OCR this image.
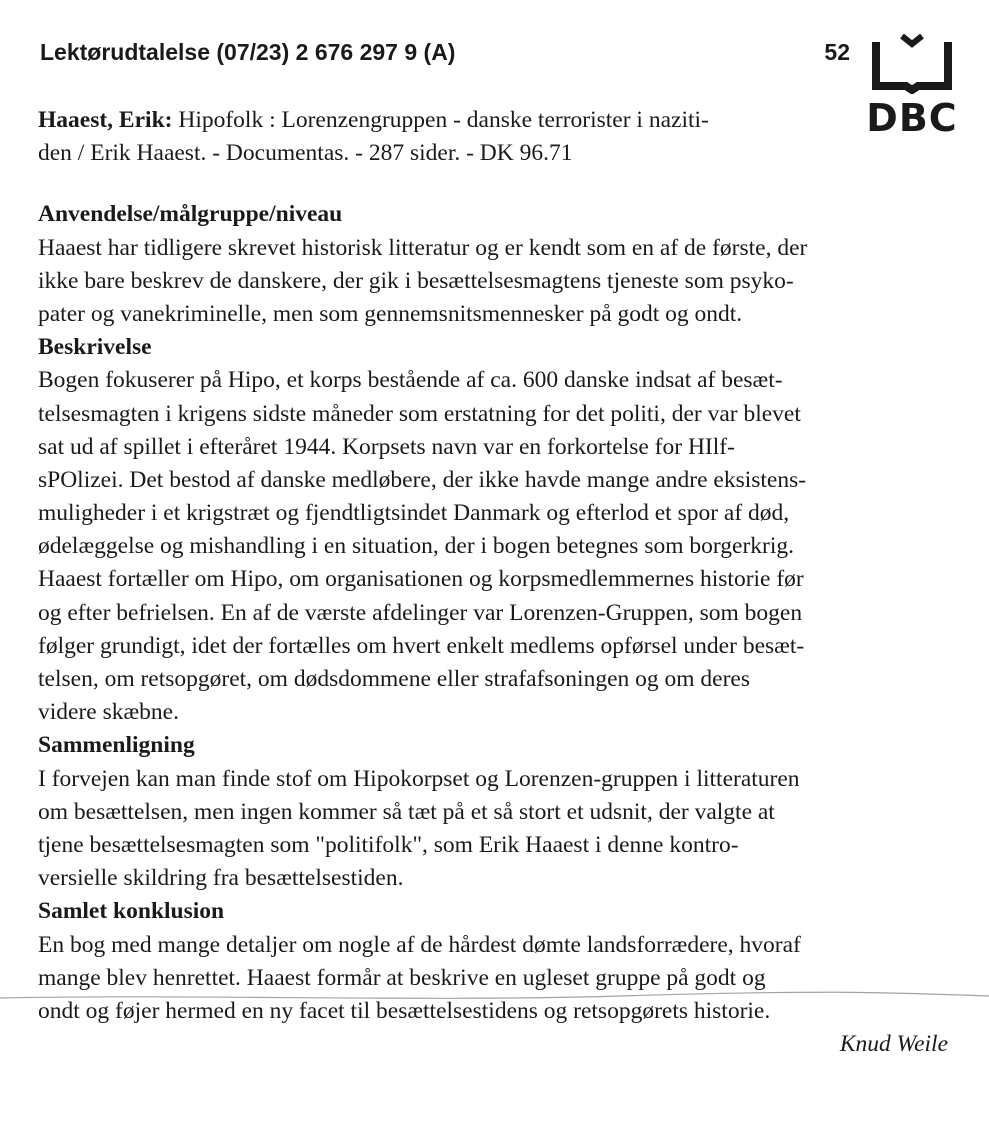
Lektørudtalelse (07/23) 2 676 297 9 (A)	52
DBC
Haaest, Erik: Hipofolk : Lorenzengruppen - danske terrorister i naziti-
den / Erik Haaest. - Documentas. - 287 sider. - DK 96.71
Anvendelse/målgruppe/niveau
Haaest har tidligere skrevet historisk litteratur og er kendt som en af de første, der
ikke bare beskrev de danskere, der gik i besættelsesmagtens tjeneste som psyko-
pater og vanekriminelle, men som gennemsnitsmennesker på godt og ondt.
Beskrivelse
Bogen fokuserer på Hipo, et korps bestående af ca. 600 danske indsat af besæt-
telsesmagten i krigens sidste måneder som erstatning for det politi, der var blevet
sat ud af spillet i efteråret 1944. Korpsets navn var en forkortelse for HIlf-
sPOlizei. Det bestod af danske medløbere, der ikke havde mange andre eksistens-
muligheder i et krigstræt og fjendtligtsindet Danmark og efterlod et spor af død,
ødelæggelse og mishandling i en situation, der i bogen betegnes som borgerkrig.
Haaest fortæller om Hipo, om organisationen og korpsmedlemmernes historie før
og efter befrielsen. En af de værste afdelinger var Lorenzen-Gruppen, som bogen
følger grundigt, idet der fortælles om hvert enkelt medlems opførsel under besæt-
telsen, om retsopgøret, om dødsdommene eller strafafsoningen og om deres
videre skæbne.
Sammenligning
I forvejen kan man finde stof om Hipokorpset og Lorenzen-gruppen i litteraturen
om besættelsen, men ingen kommer så tæt på et så stort et udsnit, der valgte at
tjene besættelsesmagten som "politifolk", som Erik Haaest i denne kontro-
versielle skildring fra besættelsestiden.
Samlet konklusion
En bog med mange detaljer om nogle af de hårdest dømte landsforrædere, hvoraf
mange blev henrettet. Haaest formår at beskrive en ugleset gruppe på godt og
ondt og føjer hermed en ny facet til besættelsestidens og retsopgørets historie.
Knud Weile
